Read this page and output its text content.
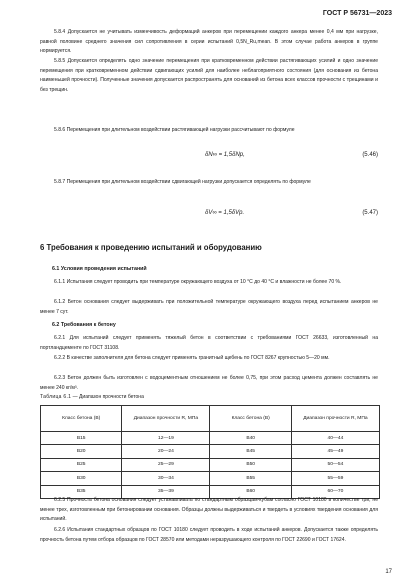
ГОСТ Р 56731—2023

5.8.4 Допускается не учитывать изменчивость деформаций анкеров при перемещении каждого анкера менее 0,4 мм при нагрузке, равной половине среднего значения сил сопротивления в серии испытаний 0,5N_Ru,mean. В этом случае работа анкеров в группе нормируется.

5.8.5 Допускается определять одно значение перемещения при кратковременном действии растягивающих усилий и одно значение перемещения при кратковременном действии сдвигающих усилий для наиболее неблагоприятного состояния (для основания из бетона наименьшей прочности). Полученные значения допускается распространять для оснований из бетона всех классов прочности с трещинами и без трещин.

5.8.6 Перемещения при длительном воздействии растягивающей нагрузки рассчитывают по формуле

δN∞ = 1,5δNp,	(5.46)

5.8.7 Перемещения при длительном воздействии сдвигающей нагрузки допускается определять по формуле

δV∞ = 1,5δVp.	(5.47)
6 Требования к проведению испытаний и оборудованию
6.1 Условия проведения испытаний

6.1.1 Испытания следует проводить при температуре окружающего воздуха от 10 °С до 40 °С и влажности не более 70 %.

6.1.2 Бетон основания следует выдерживать при положительной температуре окружающего воздуха перед испытанием анкеров не менее 7 сут.

6.2 Требования к бетону

6.2.1 Для испытаний следует применять тяжелый бетон в соответствии с требованиями ГОСТ 26633, изготовленный на портландцементе по ГОСТ 31108.

6.2.2 В качестве заполнителя для бетона следует применять гранитный щебень по ГОСТ 8267 крупностью 5—20 мм.

6.2.3 Бетон должен быть изготовлен с водоцементным отношением не более 0,75, при этом расход цемента должен составлять не менее 240 кг/м³.

Таблица 6.1 — Диапазон прочности бетона
Класс бетона (B)	Диапазон прочности R, МПа	Класс бетона (B)	Диапазон прочности R, МПа
B15	12—19	B40	40—44
B20	20—24	B45	45—49
B25	25—29	B50	50—54
B30	30—34	B55	55—59
B35	35—39	B60	60—70

6.2.5 Прочность бетона основания следует устанавливать по стандартным образцам-кубам согласно ГОСТ 10180 в количестве три, не менее трех, изготовленным при бетонировании основания. Образцы должны выдерживаться и твердеть в условиях твердения основания для испытаний.

6.2.6 Испытания стандартных образцов по ГОСТ 10180 следует проводить в ходе испытаний анкеров. Допускается также определять прочность бетона путем отбора образцов по ГОСТ 28570 или методами неразрушающего контроля по ГОСТ 22690 и ГОСТ 17624.

17
